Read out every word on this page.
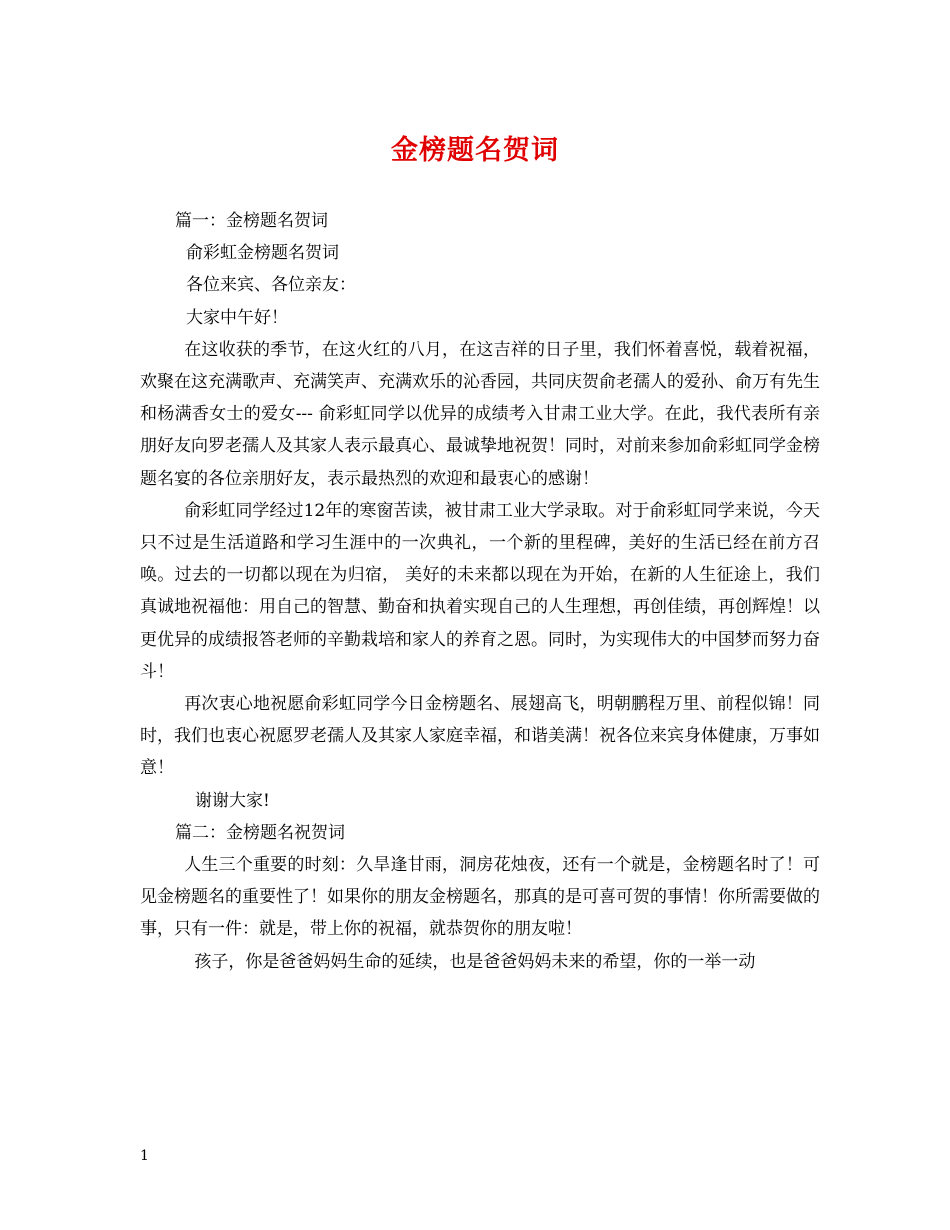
金榜题名贺词
篇一：金榜题名贺词
俞彩虹金榜题名贺词
各位来宾、各位亲友：
大家中午好！
在这收获的季节，在这火红的八月，在这吉祥的日子里，我们怀着喜悦，载着祝福，欢聚在这充满歌声、充满笑声、充满欢乐的沁香园，共同庆贺俞老孺人的爱孙、俞万有先生和杨满香女士的爱女--- 俞彩虹同学以优异的成绩考入甘肃工业大学。在此，我代表所有亲朋好友向罗老孺人及其家人表示最真心、最诚挚地祝贺！同时，对前来参加俞彩虹同学金榜题名宴的各位亲朋好友，表示最热烈的欢迎和最衷心的感谢！
俞彩虹同学经过12年的寒窗苦读，被甘肃工业大学录取。对于俞彩虹同学来说，今天只不过是生活道路和学习生涯中的一次典礼，一个新的里程碑，美好的生活已经在前方召唤。过去的一切都以现在为归宿， 美好的未来都以现在为开始，在新的人生征途上，我们真诚地祝福他：用自己的智慧、勤奋和执着实现自己的人生理想，再创佳绩，再创辉煌！以更优异的成绩报答老师的辛勤栽培和家人的养育之恩。同时，为实现伟大的中国梦而努力奋斗！
再次衷心地祝愿俞彩虹同学今日金榜题名、展翅高飞，明朝鹏程万里、前程似锦！同时，我们也衷心祝愿罗老孺人及其家人家庭幸福，和谐美满！祝各位来宾身体健康，万事如意！
谢谢大家!
篇二：金榜题名祝贺词
人生三个重要的时刻：久旱逢甘雨，洞房花烛夜，还有一个就是，金榜题名时了！可见金榜题名的重要性了！如果你的朋友金榜题名，那真的是可喜可贺的事情！你所需要做的事，只有一件：就是，带上你的祝福，就恭贺你的朋友啦！
孩子，你是爸爸妈妈生命的延续，也是爸爸妈妈未来的希望，你的一举一动
1
